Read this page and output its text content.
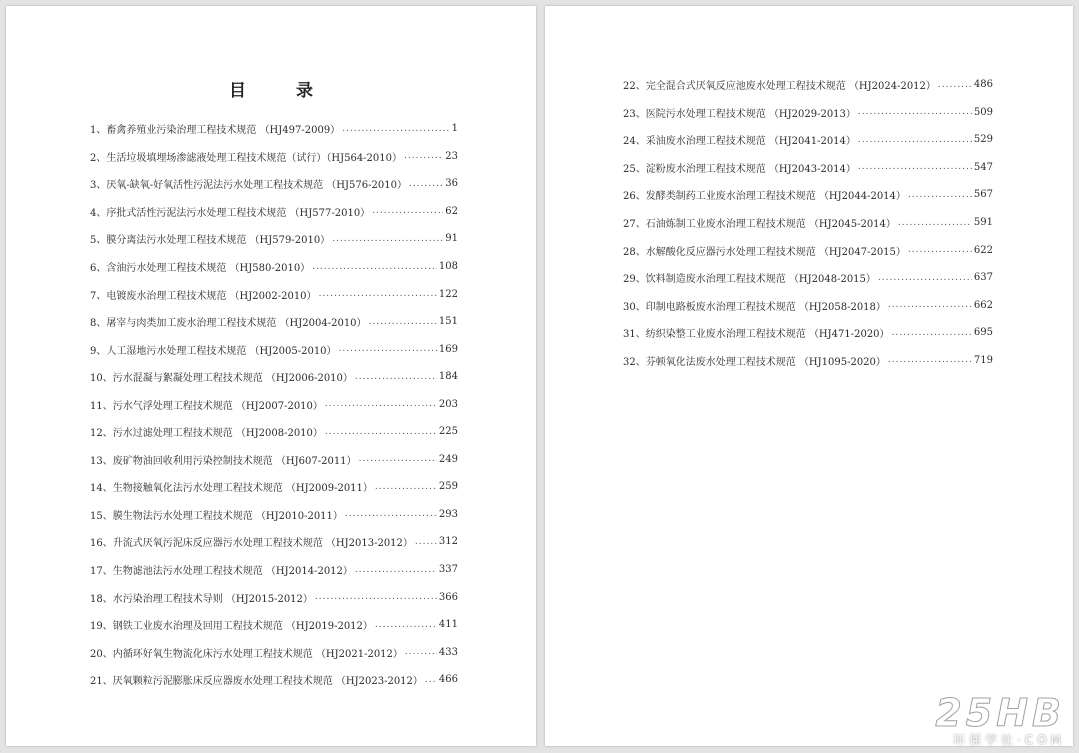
目 录
1、畜禽养殖业污染治理工程技术规范 （HJ497-2009） .....	1
2、生活垃圾填埋场渗滤液处理工程技术规范（试行）（HJ564-2010） .....	23
3、厌氧-缺氧-好氧活性污泥法污水处理工程技术规范 （HJ576-2010） .....	36
4、序批式活性污泥法污水处理工程技术规范 （HJ577-2010） .....	62
5、膜分离法污水处理工程技术规范 （HJ579-2010） .....	91
6、含油污水处理工程技术规范 （HJ580-2010） .....	108
7、电镀废水治理工程技术规范 （HJ2002-2010） .....	122
8、屠宰与肉类加工废水治理工程技术规范 （HJ2004-2010） .....	151
9、人工湿地污水处理工程技术规范 （HJ2005-2010） .....	169
10、污水混凝与絮凝处理工程技术规范 （HJ2006-2010） .....	184
11、污水气浮处理工程技术规范 （HJ2007-2010） .....	203
12、污水过滤处理工程技术规范 （HJ2008-2010） .....	225
13、废矿物油回收利用污染控制技术规范 （HJ607-2011） .....	249
14、生物接触氧化法污水处理工程技术规范 （HJ2009-2011） .....	259
15、膜生物法污水处理工程技术规范 （HJ2010-2011） .....	293
16、升流式厌氧污泥床反应器污水处理工程技术规范 （HJ2013-2012） .....	312
17、生物滤池法污水处理工程技术规范 （HJ2014-2012） .....	337
18、水污染治理工程技术导则 （HJ2015-2012） .....	366
19、钢铁工业废水治理及回用工程技术规范 （HJ2019-2012） .....	411
20、内循环好氧生物流化床污水处理工程技术规范 （HJ2021-2012） .....	433
21、厌氧颗粒污泥膨胀床反应器废水处理工程技术规范 （HJ2023-2012） ..... 466
22、完全混合式厌氧反应池废水处理工程技术规范 （HJ2024-2012） .....	486
23、医院污水处理工程技术规范 （HJ2029-2013） .....	509
24、采油废水治理工程技术规范 （HJ2041-2014） .....	529
25、淀粉废水治理工程技术规范 （HJ2043-2014） .....	547
26、发酵类制药工业废水治理工程技术规范 （HJ2044-2014） .....	567
27、石油炼制工业废水治理工程技术规范 （HJ2045-2014） .....	591
28、水解酸化反应器污水处理工程技术规范 （HJ2047-2015） .....	622
29、饮料制造废水治理工程技术规范 （HJ2048-2015） .....	637
30、印制电路板废水治理工程技术规范 （HJ2058-2018） .....	662
31、纺织染整工业废水治理工程技术规范 （HJ471-2020） .....	695
32、芬顿氧化法废水处理工程技术规范 （HJ1095-2020） .....	719
25HB
环保学社·COM
